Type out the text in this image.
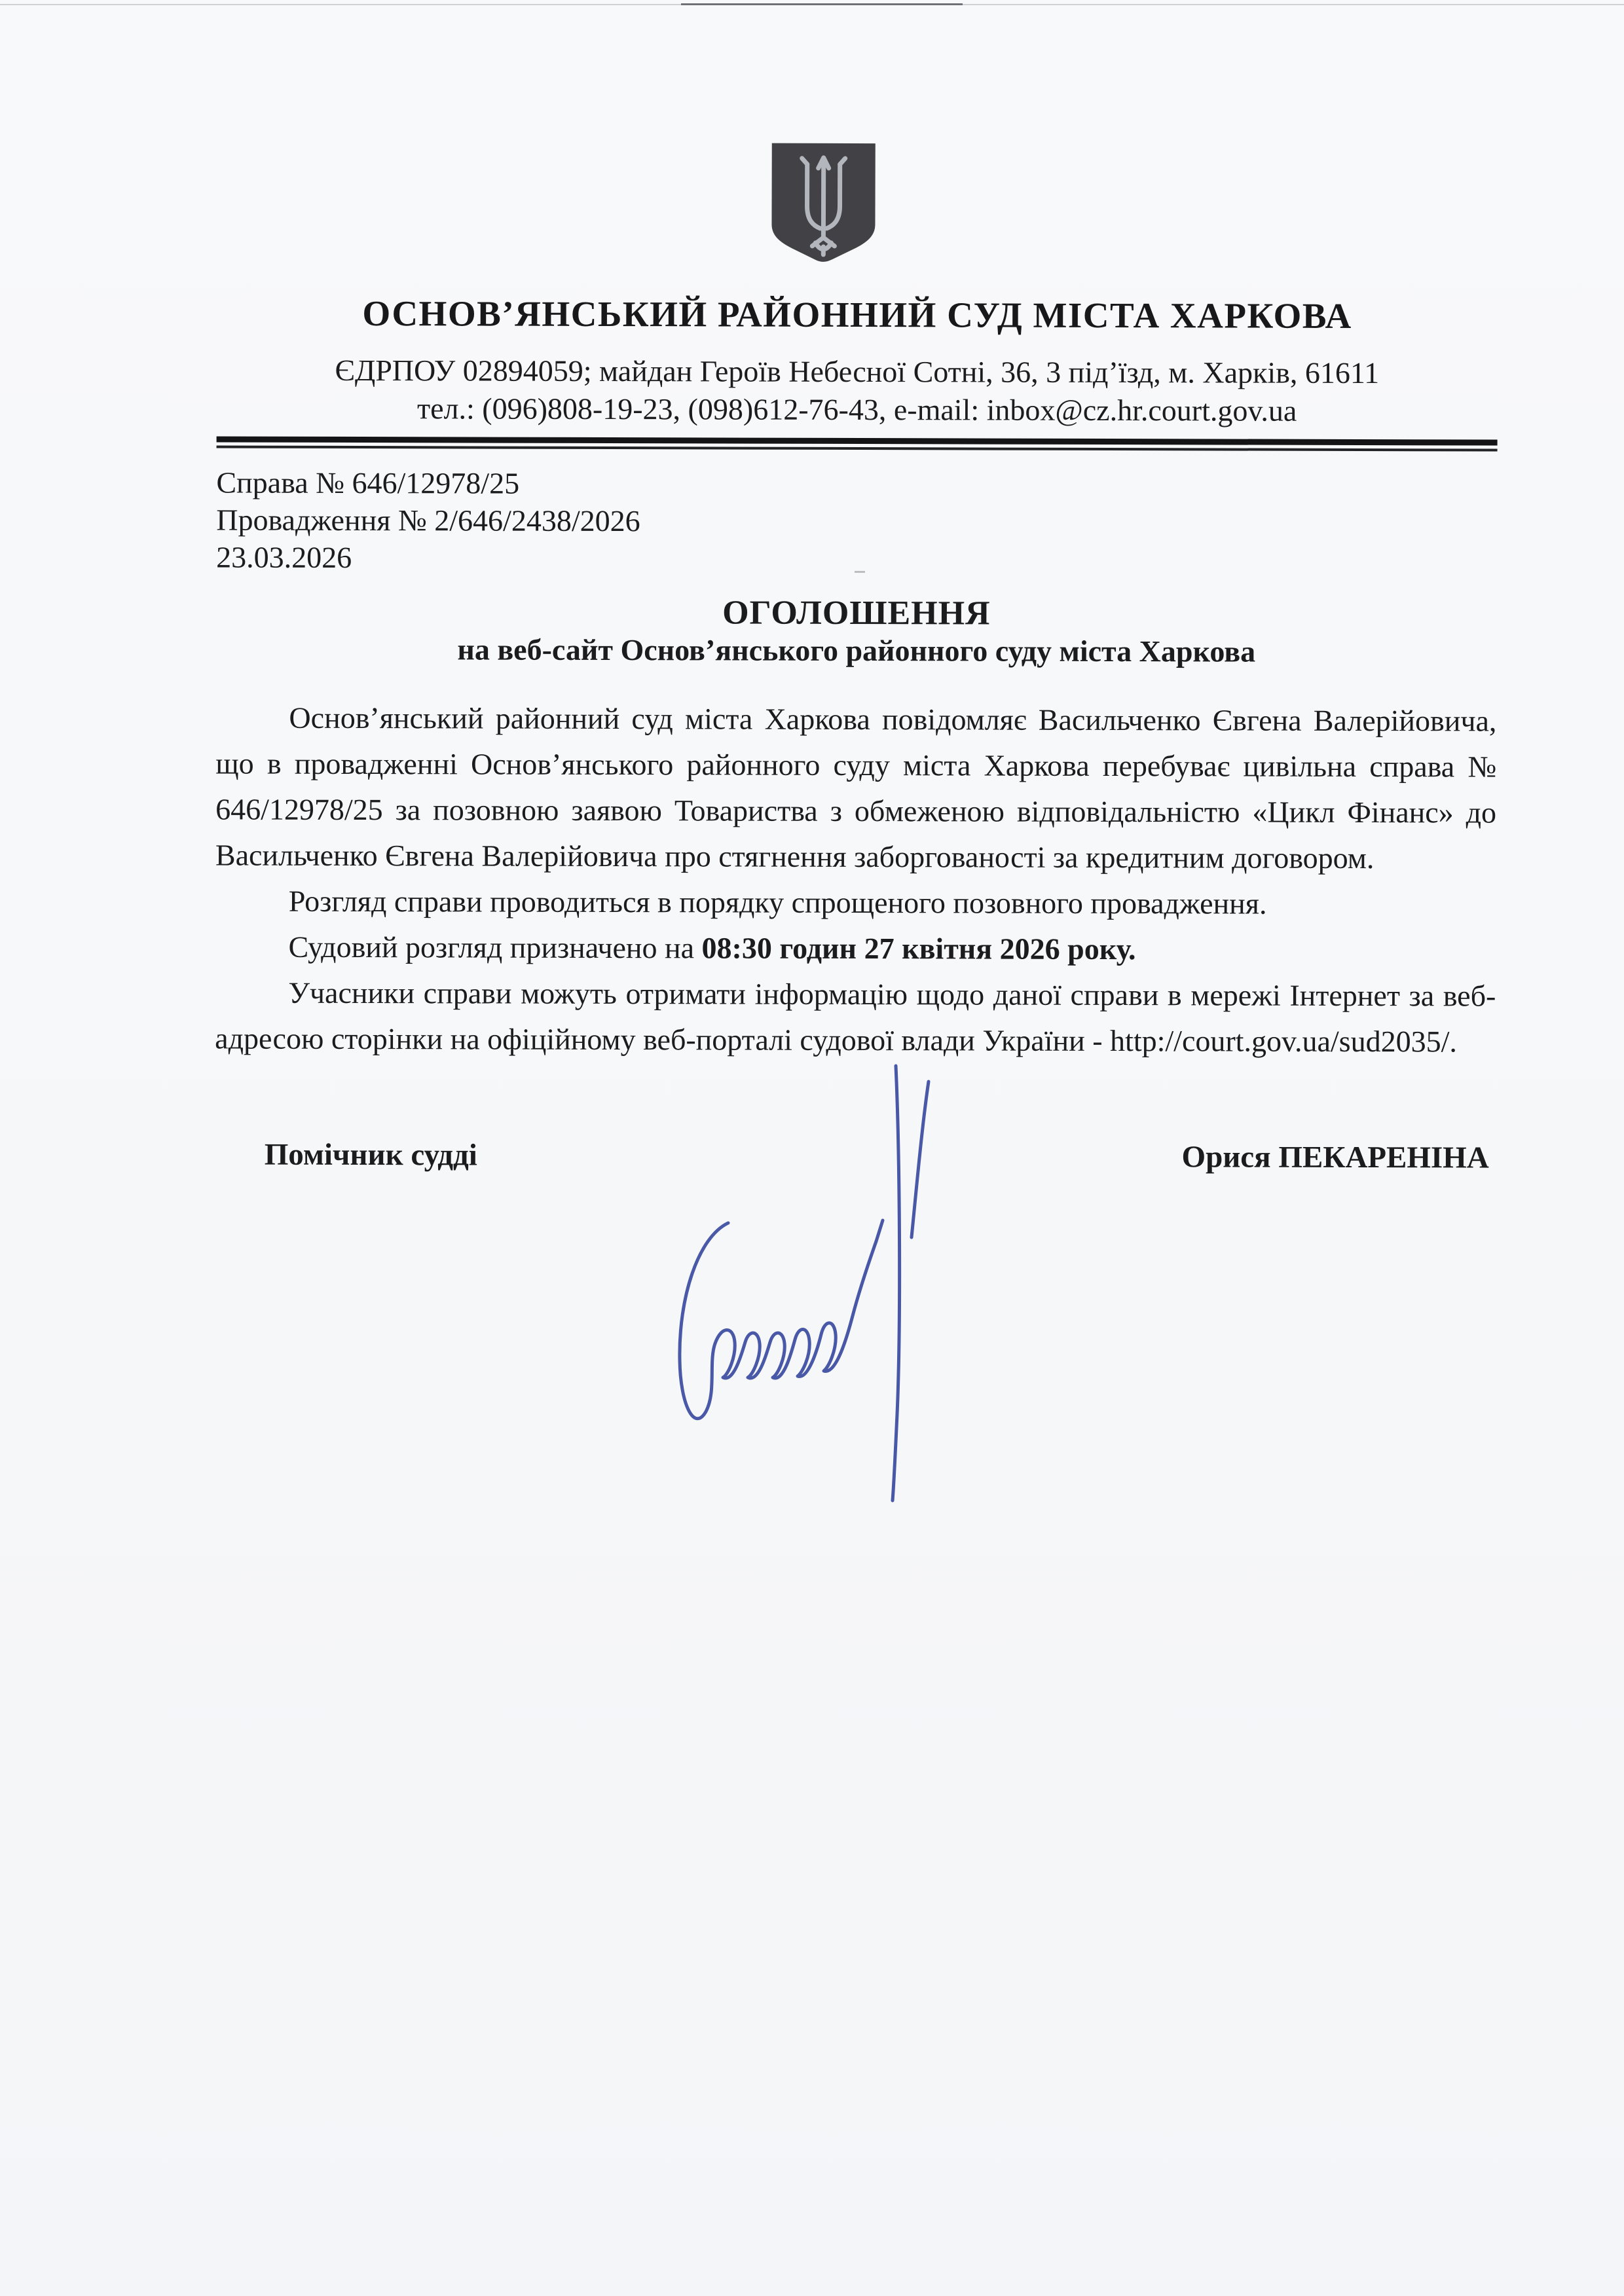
ОСНОВ’ЯНСЬКИЙ РАЙОННИЙ СУД МІСТА ХАРКОВА
ЄДРПОУ 02894059; майдан Героїв Небесної Сотні, 36, 3 під’їзд, м. Харків, 61611
тел.: (096)808-19-23, (098)612-76-43, e-mail: inbox@cz.hr.court.gov.ua
Справа № 646/12978/25
Провадження № 2/646/2438/2026
23.03.2026
ОГОЛОШЕННЯ
на веб-сайт Основ’янського районного суду міста Харкова

Основ’янський районний суд міста Харкова повідомляє Васильченко Євгена Валерійовича, що в провадженні Основ’янського районного суду міста Харкова перебуває цивільна справа № 646/12978/25 за позовною заявою Товариства з обмеженою відповідальністю «Цикл Фінанс» до Васильченко Євгена Валерійовича про стягнення заборгованості за кредитним договором.

Розгляд справи проводиться в порядку спрощеного позовного провадження.

Судовий розгляд призначено на 08:30 годин 27 квітня 2026 року.

Учасники справи можуть отримати інформацію щодо даної справи в мережі Інтернет за веб-адресою сторінки на офіційному веб-порталі судової влади України - http://court.gov.ua/sud2035/.

Помічник судді	Орися ПЕКАРЕНІНА
